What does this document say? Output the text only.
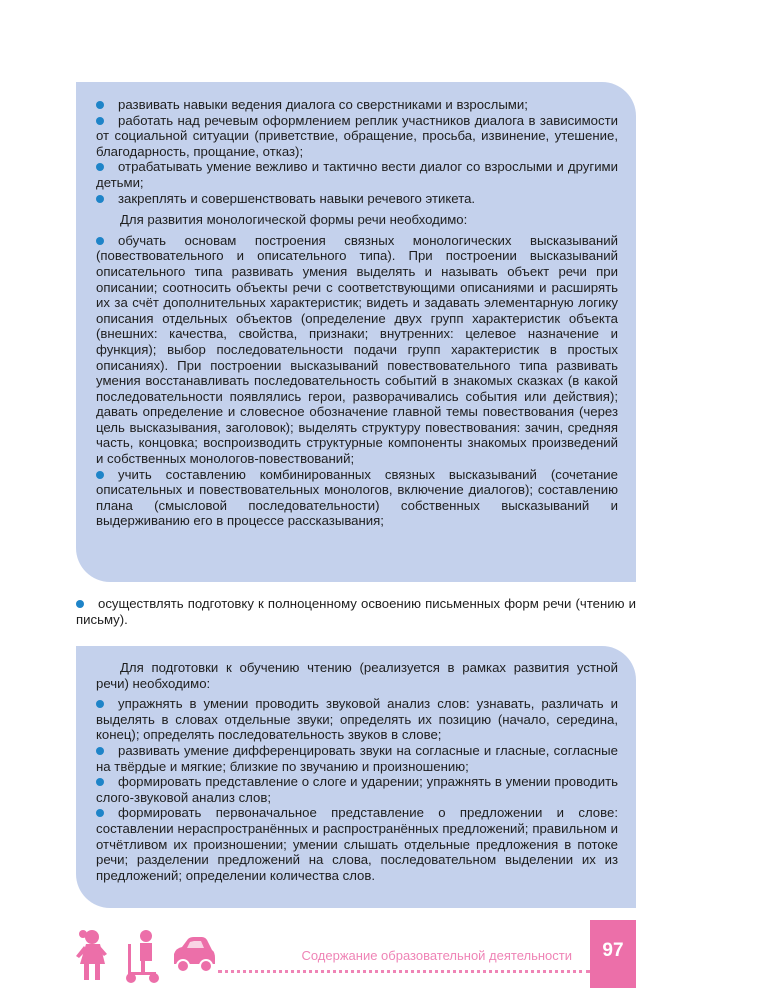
развивать навыки ведения диалога со сверстниками и взрослыми;
работать над речевым оформлением реплик участников диалога в зависимости от социальной ситуации (приветствие, обращение, просьба, извинение, утешение, благодарность, прощание, отказ);
отрабатывать умение вежливо и тактично вести диалог со взрослыми и другими детьми;
закреплять и совершенствовать навыки речевого этикета.

Для развития монологической формы речи необходимо:

обучать основам построения связных монологических высказываний (повествовательного и описательного типа). При построении высказываний описательного типа развивать умения выделять и называть объект речи при описании; соотносить объекты речи с соответствующими описаниями и расширять их за счёт дополнительных характеристик; видеть и задавать элементарную логику описания отдельных объектов (определение двух групп характеристик объекта (внешних: качества, свойства, признаки; внутренних: целевое назначение и функция); выбор последовательности подачи групп характеристик в простых описаниях). При построении высказываний повествовательного типа развивать умения восстанавливать последовательность событий в знакомых сказках (в какой последовательности появлялись герои, разворачивались события или действия); давать определение и словесное обозначение главной темы повествования (через цель высказывания, заголовок); выделять структуру повествования: зачин, средняя часть, концовка; воспроизводить структурные компоненты знакомых произведений и собственных монологов-повествований;
учить составлению комбинированных связных высказываний (сочетание описательных и повествовательных монологов, включение диалогов); составлению плана (смысловой последовательности) собственных высказываний и выдерживанию его в процессе рассказывания;
осуществлять подготовку к полноценному освоению письменных форм речи (чтению и письму).

Для подготовки к обучению чтению (реализуется в рамках развития устной речи) необходимо:

упражнять в умении проводить звуковой анализ слов: узнавать, различать и выделять в словах отдельные звуки; определять их позицию (начало, середина, конец); определять последовательность звуков в слове;
развивать умение дифференцировать звуки на согласные и гласные, согласные на твёрдые и мягкие; близкие по звучанию и произношению;
формировать представление о слоге и ударении; упражнять в умении проводить слого-звуковой анализ слов;
формировать первоначальное представление о предложении и слове: составлении нераспространённых и распространённых предложений; правильном и отчётливом их произношении; умении слышать отдельные предложения в потоке речи; разделении предложений на слова, последовательном выделении их из предложений; определении количества слов.
Содержание образовательной деятельности	97
